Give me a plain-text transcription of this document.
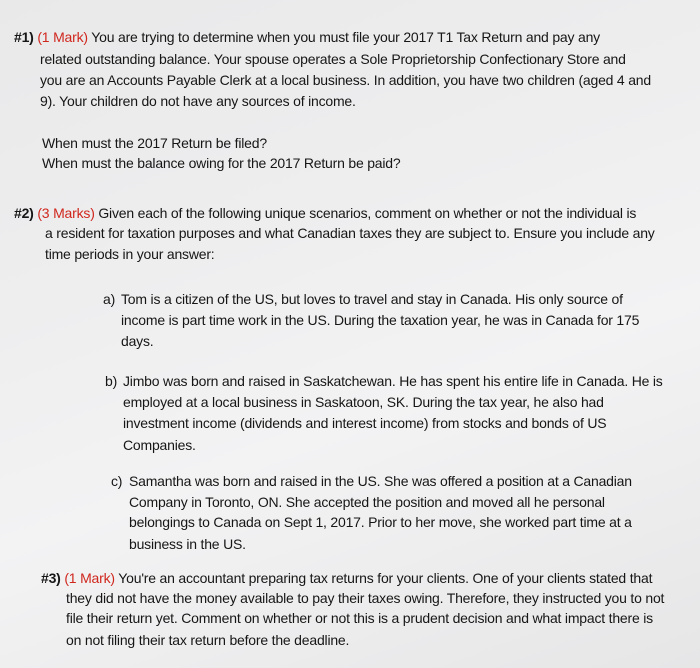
#1) (1 Mark) You are trying to determine when you must file your 2017 T1 Tax Return and pay any
related outstanding balance. Your spouse operates a Sole Proprietorship Confectionary Store and
you are an Accounts Payable Clerk at a local business. In addition, you have two children (aged 4 and
9). Your children do not have any sources of income.
When must the 2017 Return be filed?
When must the balance owing for the 2017 Return be paid?
#2) (3 Marks) Given each of the following unique scenarios, comment on whether or not the individual is
a resident for taxation purposes and what Canadian taxes they are subject to. Ensure you include any
time periods in your answer:
a) Tom is a citizen of the US, but loves to travel and stay in Canada. His only source of
income is part time work in the US. During the taxation year, he was in Canada for 175
days.
b) Jimbo was born and raised in Saskatchewan. He has spent his entire life in Canada. He is
employed at a local business in Saskatoon, SK. During the tax year, he also had
investment income (dividends and interest income) from stocks and bonds of US
Companies.
c) Samantha was born and raised in the US. She was offered a position at a Canadian
Company in Toronto, ON. She accepted the position and moved all he personal
belongings to Canada on Sept 1, 2017. Prior to her move, she worked part time at a
business in the US.
#3) (1 Mark) You're an accountant preparing tax returns for your clients. One of your clients stated that
they did not have the money available to pay their taxes owing. Therefore, they instructed you to not
file their return yet. Comment on whether or not this is a prudent decision and what impact there is
on not filing their tax return before the deadline.
